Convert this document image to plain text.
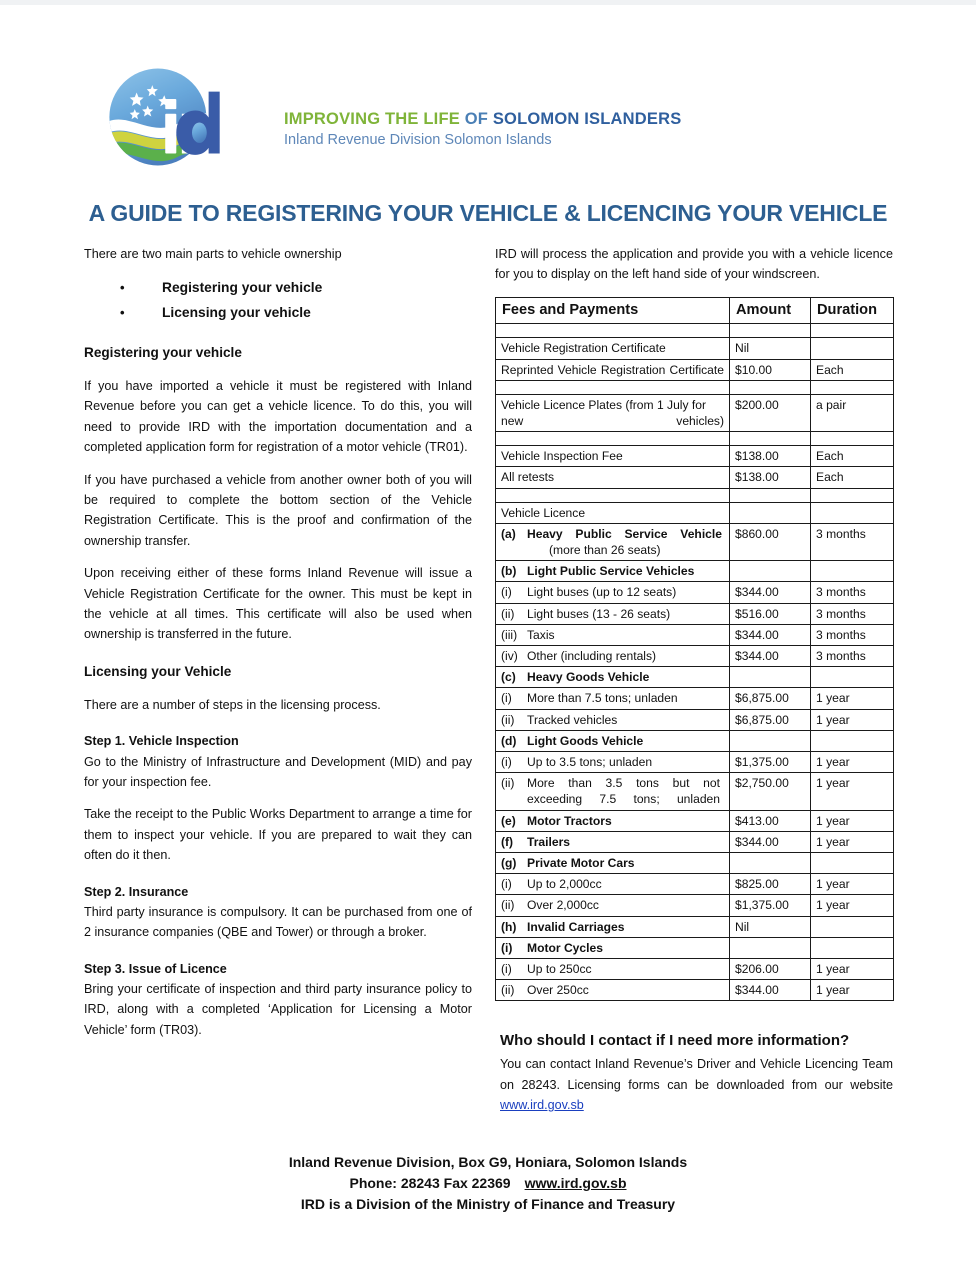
IMPROVING THE LIFE OF SOLOMON ISLANDERS
Inland Revenue Division Solomon Islands
A GUIDE TO REGISTERING YOUR VEHICLE & LICENCING YOUR VEHICLE

There are two main parts to vehicle ownership

• Registering your vehicle
• Licensing your vehicle
Registering your vehicle

If you have imported a vehicle it must be registered with Inland Revenue before you can get a vehicle licence. To do this, you will need to provide IRD with the importation documentation and a completed application form for registration of a motor vehicle (TR01).

If you have purchased a vehicle from another owner both of you will be required to complete the bottom section of the Vehicle Registration Certificate. This is the proof and confirmation of the ownership transfer.

Upon receiving either of these forms Inland Revenue will issue a Vehicle Registration Certificate for the owner. This must be kept in the vehicle at all times. This certificate will also be used when ownership is transferred in the future.

Licensing your Vehicle

There are a number of steps in the licensing process.

Step 1. Vehicle Inspection

Go to the Ministry of Infrastructure and Development (MID) and pay for your inspection fee.

Take the receipt to the Public Works Department to arrange a time for them to inspect your vehicle. If you are prepared to wait they can often do it then.

Step 2. Insurance

Third party insurance is compulsory. It can be purchased from one of 2 insurance companies (QBE and Tower) or through a broker.

Step 3. Issue of Licence

Bring your certificate of inspection and third party insurance policy to IRD, along with a completed ‘Application for Licensing a Motor Vehicle’ form (TR03).

IRD will process the application and provide you with a vehicle licence for you to display on the left hand side of your windscreen.

Fees and Payments	Amount	Duration

Vehicle Registration Certificate	Nil	
Reprinted Vehicle Registration Certificate	$10.00	Each

Vehicle Licence Plates (from 1 July for new vehicles)	$200.00	a pair

Vehicle Inspection Fee	$138.00	Each
All retests	$138.00	Each

Vehicle Licence		
(a) Heavy Public Service Vehicle
(more than 26 seats)	$860.00	3 months
(b) Light Public Service Vehicles		
(i) Light buses (up to 12 seats)	$344.00	3 months
(ii) Light buses (13 - 26 seats)	$516.00	3 months
(iii) Taxis	$344.00	3 months
(iv) Other (including rentals)	$344.00	3 months
(c) Heavy Goods Vehicle		
(i) More than 7.5 tons; unladen	$6,875.00	1 year
(ii) Tracked vehicles	$6,875.00	1 year
(d) Light Goods Vehicle		
(i) Up to 3.5 tons; unladen	$1,375.00	1 year
(ii) More than 3.5 tons but not exceeding 7.5 tons; unladen	$2,750.00	1 year
(e) Motor Tractors	$413.00	1 year
(f) Trailers	$344.00	1 year
(g) Private Motor Cars		
(i) Up to 2,000cc	$825.00	1 year
(ii) Over 2,000cc	$1,375.00	1 year
(h) Invalid Carriages	Nil	
(i) Motor Cycles		
(i) Up to 250cc	$206.00	1 year
(ii) Over 250cc	$344.00	1 year
Who should I contact if I need more information?

You can contact Inland Revenue’s Driver and Vehicle Licencing Team on 28243. Licensing forms can be downloaded from our website www.ird.gov.sb

Inland Revenue Division, Box G9, Honiara, Solomon Islands
Phone: 28243 Fax 22369 www.ird.gov.sb
IRD is a Division of the Ministry of Finance and Treasury
